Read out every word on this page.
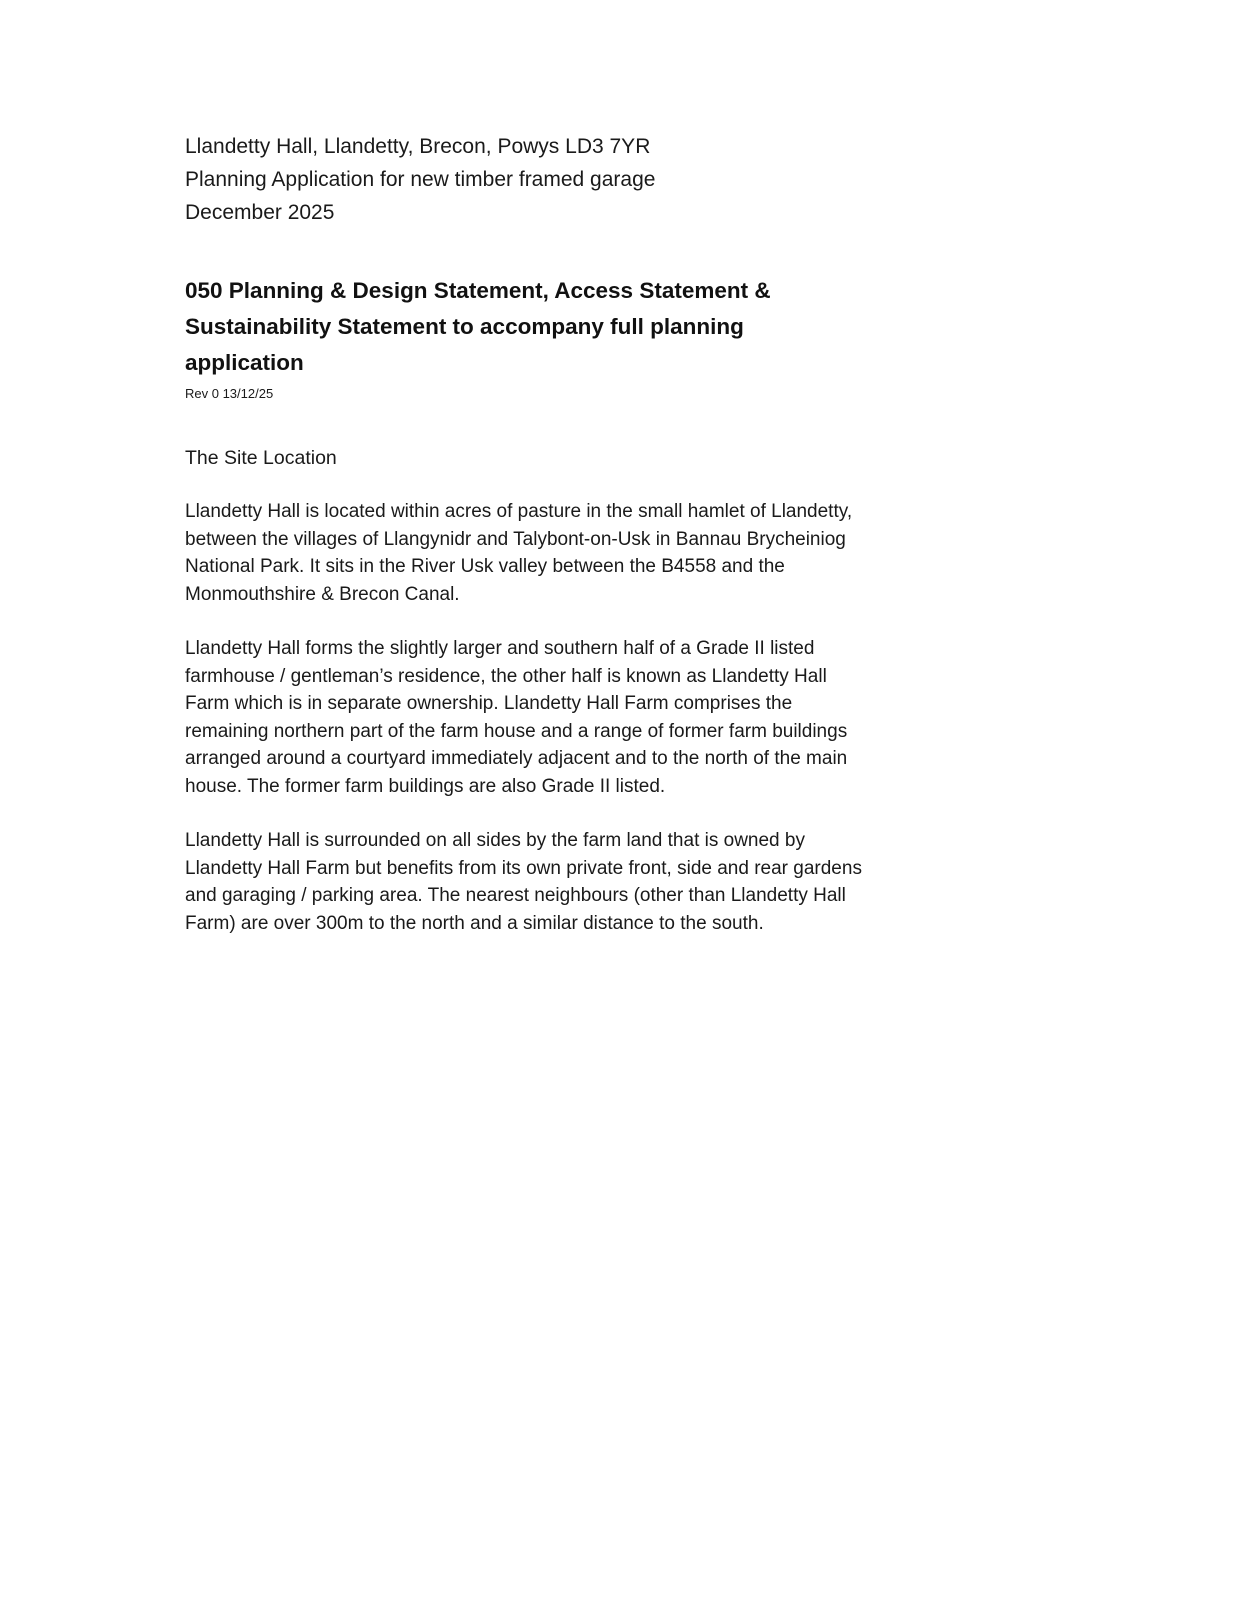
Llandetty Hall, Llandetty, Brecon, Powys LD3 7YR

Planning Application for new timber framed garage

December 2025

050 Planning & Design Statement, Access Statement & Sustainability Statement to accompany full planning application

Rev 0 13/12/25

The Site Location

Llandetty Hall is located within acres of pasture in the small hamlet of Llandetty, between the villages of Llangynidr and Talybont-on-Usk in Bannau Brycheiniog National Park. It sits in the River Usk valley between the B4558 and the Monmouthshire & Brecon Canal.

Llandetty Hall forms the slightly larger and southern half of a Grade II listed farmhouse / gentleman’s residence, the other half is known as Llandetty Hall Farm which is in separate ownership. Llandetty Hall Farm comprises the remaining northern part of the farm house and a range of former farm buildings arranged around a courtyard immediately adjacent and to the north of the main house. The former farm buildings are also Grade II listed.

Llandetty Hall is surrounded on all sides by the farm land that is owned by Llandetty Hall Farm but benefits from its own private front, side and rear gardens and garaging / parking area. The nearest neighbours (other than Llandetty Hall Farm) are over 300m to the north and a similar distance to the south.
